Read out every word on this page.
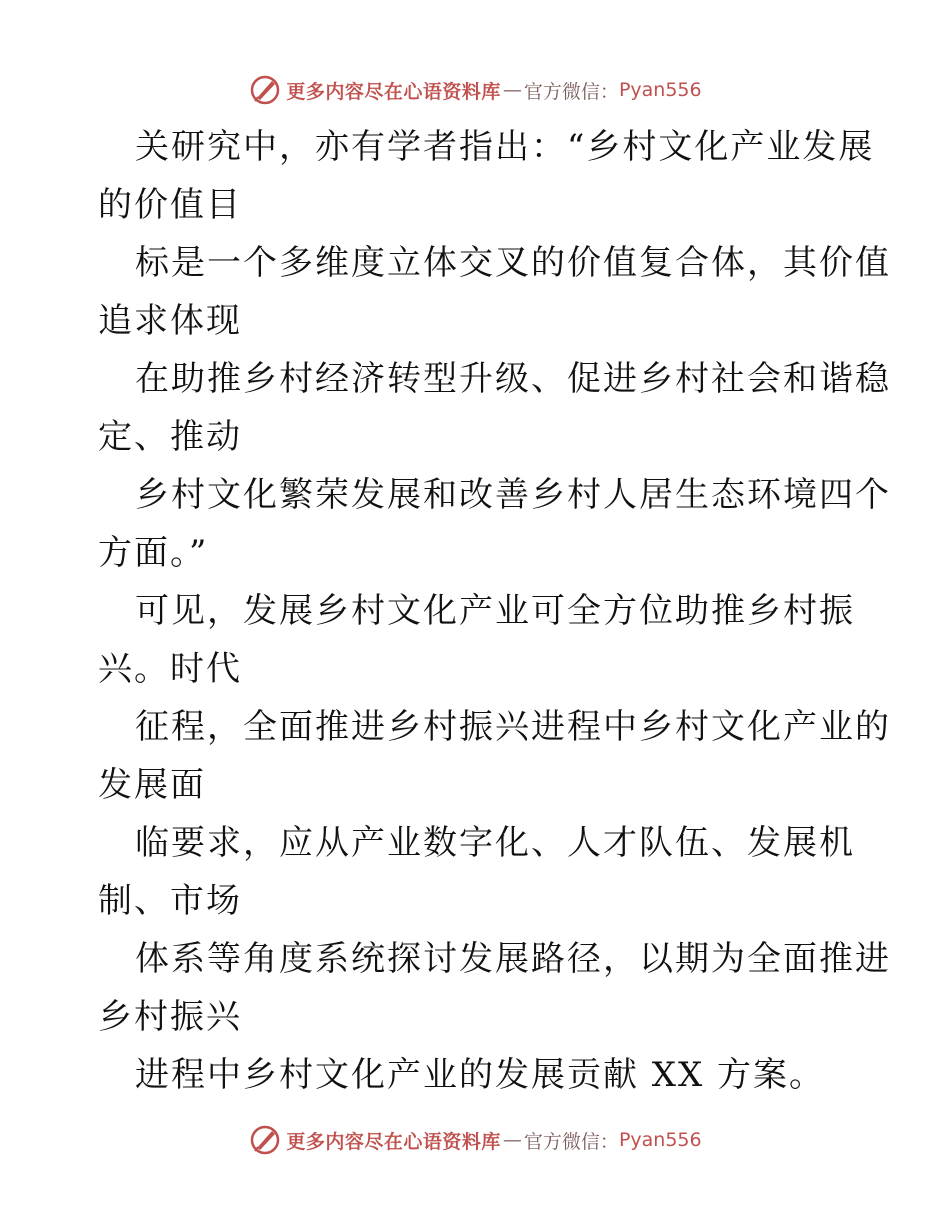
更多内容尽在心语资料库 — 官方微信： Pyan556
关研究中，亦有学者指出：“乡村文化产业发展
的价值目
标是一个多维度立体交叉的价值复合体，其价值
追求体现
在助推乡村经济转型升级、促进乡村社会和谐稳
定、推动
乡村文化繁荣发展和改善乡村人居生态环境四个
方面。”
可见，发展乡村文化产业可全方位助推乡村振
兴。时代
征程，全面推进乡村振兴进程中乡村文化产业的
发展面
临要求，应从产业数字化、人才队伍、发展机
制、市场
体系等角度系统探讨发展路径，以期为全面推进
乡村振兴
进程中乡村文化产业的发展贡献 XX 方案。
更多内容尽在心语资料库 — 官方微信： Pyan556
